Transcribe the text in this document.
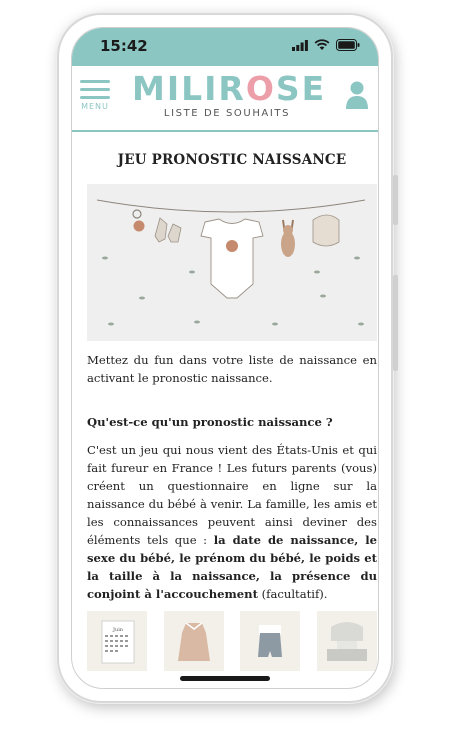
15:42
MENU MILIROSE
LISTE DE SOUHAITS
JEU PRONOSTIC NAISSANCE

Mettez du fun dans votre liste de naissance en activant le pronostic naissance.

Qu'est-ce qu'un pronostic naissance ?

C'est un jeu qui nous vient des États-Unis et qui fait fureur en France ! Les futurs parents (vous) créent un questionnaire en ligne sur la naissance du bébé à venir. La famille, les amis et les connaissances peuvent ainsi deviner des éléments tels que : la date de naissance, le sexe du bébé, le prénom du bébé, le poids et la taille à la naissance, la présence du conjoint à l'accouchement (facultatif).

Juin
